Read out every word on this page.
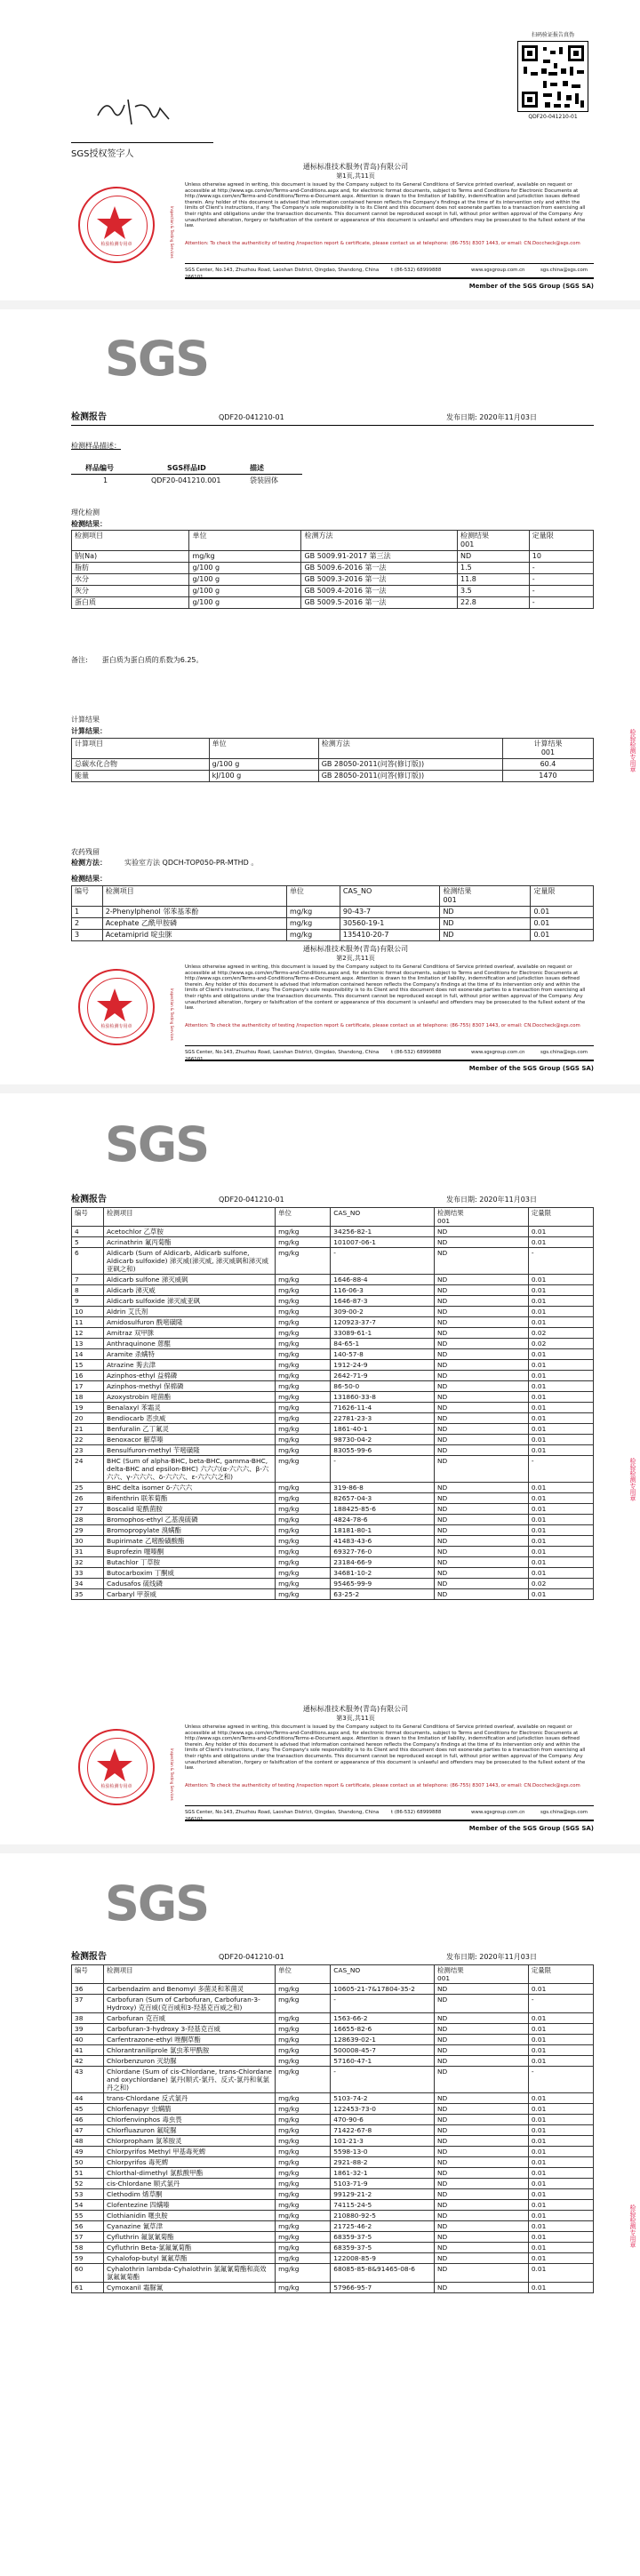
SGS授权签字人
扫码验证报告真伪
QDF20-041210-01
通标标准技术服务(青岛)有限公司
第1页,共11页
Unless otherwise agreed in writing, this document is issued by the Company subject to its General Conditions of Service printed overleaf, available on request or accessible at http://www.sgs.com/en/Terms-and-Conditions.aspx and, for electronic format documents, subject to Terms and Conditions for Electronic Documents at http://www.sgs.com/en/Terms-and-Conditions/Terms-e-Document.aspx. Attention is drawn to the limitation of liability, indemnification and jurisdiction issues defined therein. Any holder of this document is advised that information contained hereon reflects the Company's findings at the time of its intervention only and within the limits of Client's instructions, if any. The Company's sole responsibility is to its Client and this document does not exonerate parties to a transaction from exercising all their rights and obligations under the transaction documents. This document cannot be reproduced except in full, without prior written approval of the Company. Any unauthorized alteration, forgery or falsification of the content or appearance of this document is unlawful and offenders may be prosecuted to the fullest extent of the law.
Attention: To check the authenticity of testing /inspection report & certificate, please contact us at telephone: (86-755) 8307 1443, or email: CN.Doccheck@sgs.com
检验检测专用章	Inspection & Testing Services
SGS Center, No.143, Zhuzhou Road, Laoshan District, Qingdao, Shandong, China	t (86-532) 68999888	www.sgsgroup.com.cn	sgs.china@sgs.com
Member of the SGS Group (SGS SA)
SGS
检测报告	QDF20-041210-01	发布日期: 2020年11月03日
检测样品描述：
样品编号	SGS样品ID	描述
1	QDF20-041210.001	袋装固体
理化检测
检测结果：
检测项目	单位	检测方法	检测结果
001	定量限
钠(Na)	mg/kg	GB 5009.91-2017 第三法	ND	10
脂肪	g/100 g	GB 5009.6-2016 第一法	1.5	-
水分	g/100 g	GB 5009.3-2016 第一法	11.8	-
灰分	g/100 g	GB 5009.4-2016 第一法	3.5	-
蛋白质	g/100 g	GB 5009.5-2016 第一法	22.8	-
备注:　　蛋白质为蛋白质的系数为6.25。
计算结果
计算结果：
计算项目	单位	检测方法	计算结果
001
总碳水化合物	g/100 g	GB 28050-2011(问答(修订版))	60.4
能量	kJ/100 g	GB 28050-2011(问答(修订版))	1470
农药残留
检测方法：	实验室方法 QDCH-TOP050-PR-MTHD 。
检测结果：
编号	检测项目	单位	CAS_NO	检测结果
001	定量限
1	2-Phenylphenol 邻苯基苯酚	mg/kg	90-43-7	ND	0.01
2	Acephate 乙酰甲胺磷	mg/kg	30560-19-1	ND	0.01
3	Acetamiprid 啶虫脒	mg/kg	135410-20-7	ND	0.01
检验检测专用章
通标标准技术服务(青岛)有限公司
第2页,共11页
Unless otherwise agreed in writing, this document is issued by the Company subject to its General Conditions of Service printed overleaf, available on request or accessible at http://www.sgs.com/en/Terms-and-Conditions.aspx and, for electronic format documents, subject to Terms and Conditions for Electronic Documents at http://www.sgs.com/en/Terms-and-Conditions/Terms-e-Document.aspx. Attention is drawn to the limitation of liability, indemnification and jurisdiction issues defined therein. Any holder of this document is advised that information contained hereon reflects the Company's findings at the time of its intervention only and within the limits of Client's instructions, if any. The Company's sole responsibility is to its Client and this document does not exonerate parties to a transaction from exercising all their rights and obligations under the transaction documents. This document cannot be reproduced except in full, without prior written approval of the Company. Any unauthorized alteration, forgery or falsification of the content or appearance of this document is unlawful and offenders may be prosecuted to the fullest extent of the law.
Attention: To check the authenticity of testing /inspection report & certificate, please contact us at telephone: (86-755) 8307 1443, or email: CN.Doccheck@sgs.com
检验检测专用章	Inspection & Testing Services
SGS Center, No.143, Zhuzhou Road, Laoshan District, Qingdao, Shandong, China	t (86-532) 68999888	www.sgsgroup.com.cn	sgs.china@sgs.com
Member of the SGS Group (SGS SA)
SGS
检测报告	QDF20-041210-01	发布日期: 2020年11月03日
编号	检测项目	单位	CAS_NO	检测结果
001	定量限
4	Acetochlor 乙草胺	mg/kg	34256-82-1	ND	0.01
5	Acrinathrin 氟丙菊酯	mg/kg	101007-06-1	ND	0.01
6	Aldicarb (Sum of Aldicarb, Aldicarb sulfone, Aldicarb sulfoxide) 涕灭威(涕灭威, 涕灭威砜和涕灭威亚砜之和)	mg/kg	-	ND	-
7	Aldicarb sulfone 涕灭威砜	mg/kg	1646-88-4	ND	0.01
8	Aldicarb 涕灭威	mg/kg	116-06-3	ND	0.01
9	Aldicarb sulfoxide 涕灭威亚砜	mg/kg	1646-87-3	ND	0.01
10	Aldrin 艾氏剂	mg/kg	309-00-2	ND	0.01
11	Amidosulfuron 酰嘧磺隆	mg/kg	120923-37-7	ND	0.01
12	Amitraz 双甲脒	mg/kg	33089-61-1	ND	0.02
13	Anthraquinone 蒽醌	mg/kg	84-65-1	ND	0.02
14	Aramite 杀螨特	mg/kg	140-57-8	ND	0.01
15	Atrazine 莠去津	mg/kg	1912-24-9	ND	0.01
16	Azinphos-ethyl 益棉磷	mg/kg	2642-71-9	ND	0.01
17	Azinphos-methyl 保棉磷	mg/kg	86-50-0	ND	0.01
18	Azoxystrobin 嘧菌酯	mg/kg	131860-33-8	ND	0.01
19	Benalaxyl 苯霜灵	mg/kg	71626-11-4	ND	0.01
20	Bendiocarb 恶虫威	mg/kg	22781-23-3	ND	0.01
21	Benfuralin 乙丁氟灵	mg/kg	1861-40-1	ND	0.01
22	Benoxacor 解草嗪	mg/kg	98730-04-2	ND	0.01
23	Bensulfuron-methyl 苄嘧磺隆	mg/kg	83055-99-6	ND	0.01
24	BHC (Sum of alpha-BHC, beta-BHC, gamma-BHC, delta-BHC and epsilon-BHC) 六六六(α-六六六、β-六六六、γ-六六六、δ-六六六、ε-六六六之和)	mg/kg	-	ND	-
25	BHC delta isomer δ-六六六	mg/kg	319-86-8	ND	0.01
26	Bifenthrin 联苯菊酯	mg/kg	82657-04-3	ND	0.01
27	Boscalid 啶酰菌胺	mg/kg	188425-85-6	ND	0.01
28	Bromophos-ethyl 乙基溴硫磷	mg/kg	4824-78-6	ND	0.01
29	Bromopropylate 溴螨酯	mg/kg	18181-80-1	ND	0.01
30	Bupirimate 乙嘧酚磺酸酯	mg/kg	41483-43-6	ND	0.01
31	Buprofezin 噻嗪酮	mg/kg	69327-76-0	ND	0.01
32	Butachlor 丁草胺	mg/kg	23184-66-9	ND	0.01
33	Butocarboxim 丁酮威	mg/kg	34681-10-2	ND	0.01
34	Cadusafos 硫线磷	mg/kg	95465-99-9	ND	0.02
35	Carbaryl 甲萘威	mg/kg	63-25-2	ND	0.01
检验检测专用章
通标标准技术服务(青岛)有限公司
第3页,共11页
Unless otherwise agreed in writing, this document is issued by the Company subject to its General Conditions of Service printed overleaf, available on request or accessible at http://www.sgs.com/en/Terms-and-Conditions.aspx and, for electronic format documents, subject to Terms and Conditions for Electronic Documents at http://www.sgs.com/en/Terms-and-Conditions/Terms-e-Document.aspx. Attention is drawn to the limitation of liability, indemnification and jurisdiction issues defined therein. Any holder of this document is advised that information contained hereon reflects the Company's findings at the time of its intervention only and within the limits of Client's instructions, if any. The Company's sole responsibility is to its Client and this document does not exonerate parties to a transaction from exercising all their rights and obligations under the transaction documents. This document cannot be reproduced except in full, without prior written approval of the Company. Any unauthorized alteration, forgery or falsification of the content or appearance of this document is unlawful and offenders may be prosecuted to the fullest extent of the law.
Attention: To check the authenticity of testing /inspection report & certificate, please contact us at telephone: (86-755) 8307 1443, or email: CN.Doccheck@sgs.com
检验检测专用章	Inspection & Testing Services
SGS Center, No.143, Zhuzhou Road, Laoshan District, Qingdao, Shandong, China	t (86-532) 68999888	www.sgsgroup.com.cn	sgs.china@sgs.com
Member of the SGS Group (SGS SA)
SGS
检测报告	QDF20-041210-01	发布日期: 2020年11月03日
编号	检测项目	单位	CAS_NO	检测结果
001	定量限
36	Carbendazim and Benomyl 多菌灵和苯菌灵	mg/kg	10605-21-7&17804-35-2	ND	0.01
37	Carbofuran (Sum of Carbofuran, Carbofuran-3-Hydroxy) 克百威(克百威和3-羟基克百威之和)	mg/kg	-	ND	-
38	Carbofuran 克百威	mg/kg	1563-66-2	ND	0.01
39	Carbofuran-3-hydroxy 3-羟基克百威	mg/kg	16655-82-6	ND	0.01
40	Carfentrazone-ethyl 唑酮草酯	mg/kg	128639-02-1	ND	0.01
41	Chlorantraniliprole 氯虫苯甲酰胺	mg/kg	500008-45-7	ND	0.01
42	Chlorbenzuron 灭幼脲	mg/kg	57160-47-1	ND	0.01
43	Chlordane (Sum of cis-Chlordane, trans-Chlordane and oxychlordane) 氯丹(顺式-氯丹、反式-氯丹和氧氯丹之和)	mg/kg	-	ND	-
44	trans-Chlordane 反式氯丹	mg/kg	5103-74-2	ND	0.01
45	Chlorfenapyr 虫螨腈	mg/kg	122453-73-0	ND	0.01
46	Chlorfenvinphos 毒虫畏	mg/kg	470-90-6	ND	0.01
47	Chlorfluazuron 氟啶脲	mg/kg	71422-67-8	ND	0.01
48	Chlorpropham 氯苯胺灵	mg/kg	101-21-3	ND	0.01
49	Chlorpyrifos Methyl 甲基毒死蜱	mg/kg	5598-13-0	ND	0.01
50	Chlorpyrifos 毒死蜱	mg/kg	2921-88-2	ND	0.01
51	Chlorthal-dimethyl 氯酞酸甲酯	mg/kg	1861-32-1	ND	0.01
52	cis-Chlordane 顺式氯丹	mg/kg	5103-71-9	ND	0.01
53	Clethodim 烯草酮	mg/kg	99129-21-2	ND	0.01
54	Clofentezine 四螨嗪	mg/kg	74115-24-5	ND	0.01
55	Clothianidin 噻虫胺	mg/kg	210880-92-5	ND	0.01
56	Cyanazine 氰草津	mg/kg	21725-46-2	ND	0.01
57	Cyfluthrin 氟氯氰菊酯	mg/kg	68359-37-5	ND	0.01
58	Cyfluthrin Beta-氯氟氰菊酯	mg/kg	68359-37-5	ND	0.01
59	Cyhalofop-butyl 氰氟草酯	mg/kg	122008-85-9	ND	0.01
60	Cyhalothrin lambda-Cyhalothrin 氯氟氰菊酯和高效氯氟氰菊酯	mg/kg	68085-85-8&91465-08-6	ND	0.01
61	Cymoxanil 霜脲氰	mg/kg	57966-95-7	ND	0.01
检验检测专用章
